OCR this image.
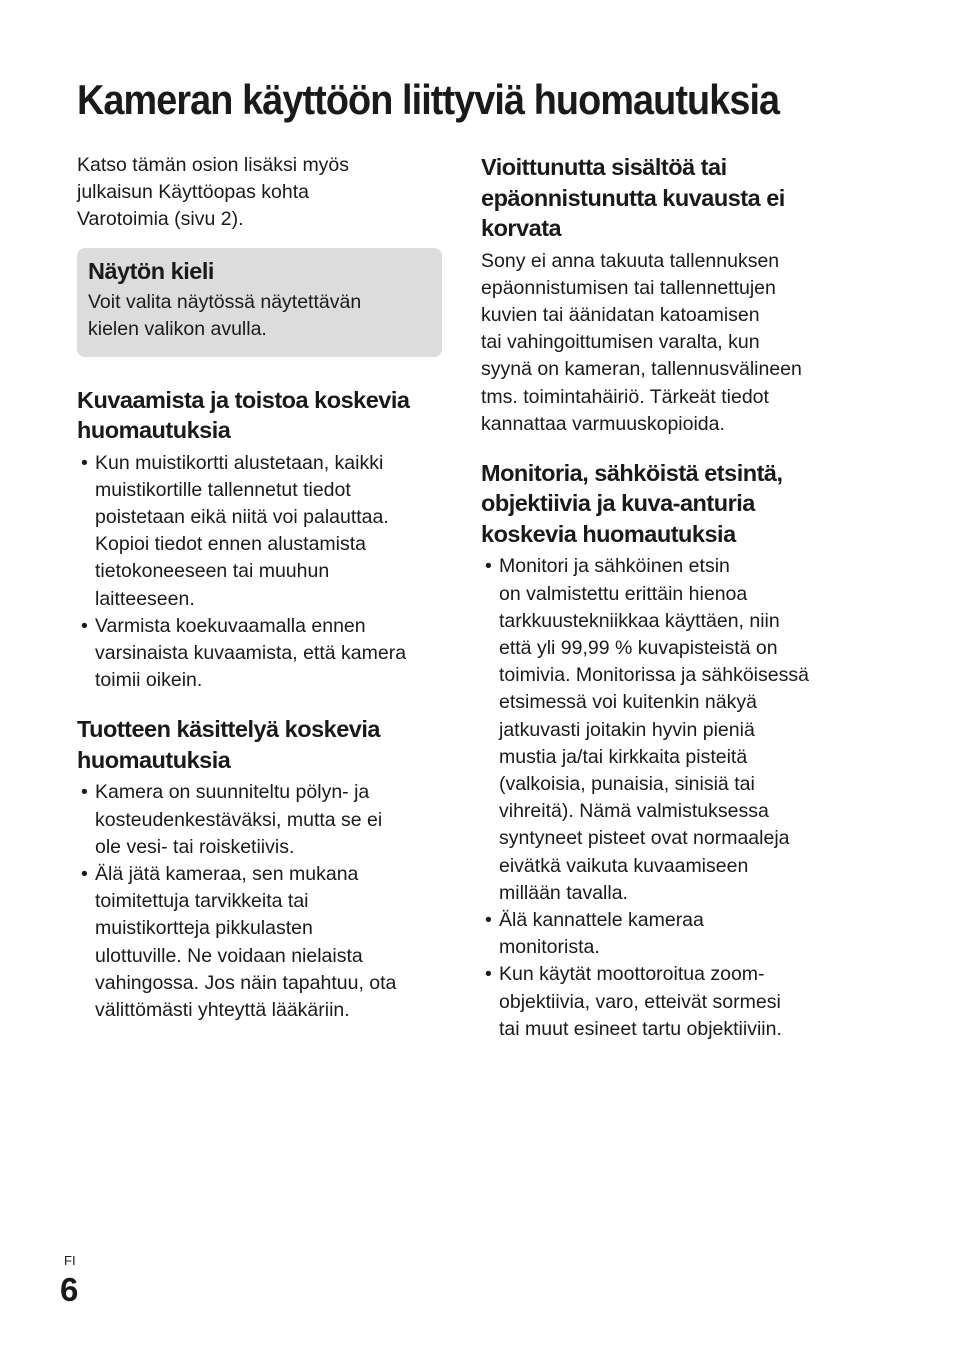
Kameran käyttöön liittyviä huomautuksia

Katso tämän osion lisäksi myös
julkaisun Käyttöopas kohta
Varotoimia (sivu 2).

Näytön kieli

Voit valita näytössä näytettävän
kielen valikon avulla.

Kuvaamista ja toistoa koskevia
huomautuksia
• Kun muistikortti alustetaan, kaikki
muistikortille tallennetut tiedot
poistetaan eikä niitä voi palauttaa.
Kopioi tiedot ennen alustamista
tietokoneeseen tai muuhun
laitteeseen.
• Varmista koekuvaamalla ennen
varsinaista kuvaamista, että kamera
toimii oikein.
Tuotteen käsittelyä koskevia
huomautuksia
• Kamera on suunniteltu pölyn- ja
kosteudenkestäväksi, mutta se ei
ole vesi- tai roisketiivis.
• Älä jätä kameraa, sen mukana
toimitettuja tarvikkeita tai
muistikortteja pikkulasten
ulottuville. Ne voidaan nielaista
vahingossa. Jos näin tapahtuu, ota
välittömästi yhteyttä lääkäriin.
Vioittunutta sisältöä tai
epäonnistunutta kuvausta ei
korvata

Sony ei anna takuuta tallennuksen
epäonnistumisen tai tallennettujen
kuvien tai äänidatan katoamisen
tai vahingoittumisen varalta, kun
syynä on kameran, tallennusvälineen
tms. toimintahäiriö. Tärkeät tiedot
kannattaa varmuuskopioida.

Monitoria, sähköistä etsintä,
objektiivia ja kuva-anturia
koskevia huomautuksia
• Monitori ja sähköinen etsin
on valmistettu erittäin hienoa
tarkkuustekniikkaa käyttäen, niin
että yli 99,99 % kuvapisteistä on
toimivia. Monitorissa ja sähköisessä
etsimessä voi kuitenkin näkyä
jatkuvasti joitakin hyvin pieniä
mustia ja/tai kirkkaita pisteitä
(valkoisia, punaisia, sinisiä tai
vihreitä). Nämä valmistuksessa
syntyneet pisteet ovat normaaleja
eivätkä vaikuta kuvaamiseen
millään tavalla.
• Älä kannattele kameraa
monitorista.
• Kun käytät moottoroitua zoom-
objektiivia, varo, etteivät sormesi
tai muut esineet tartu objektiiviin.
FI
6
